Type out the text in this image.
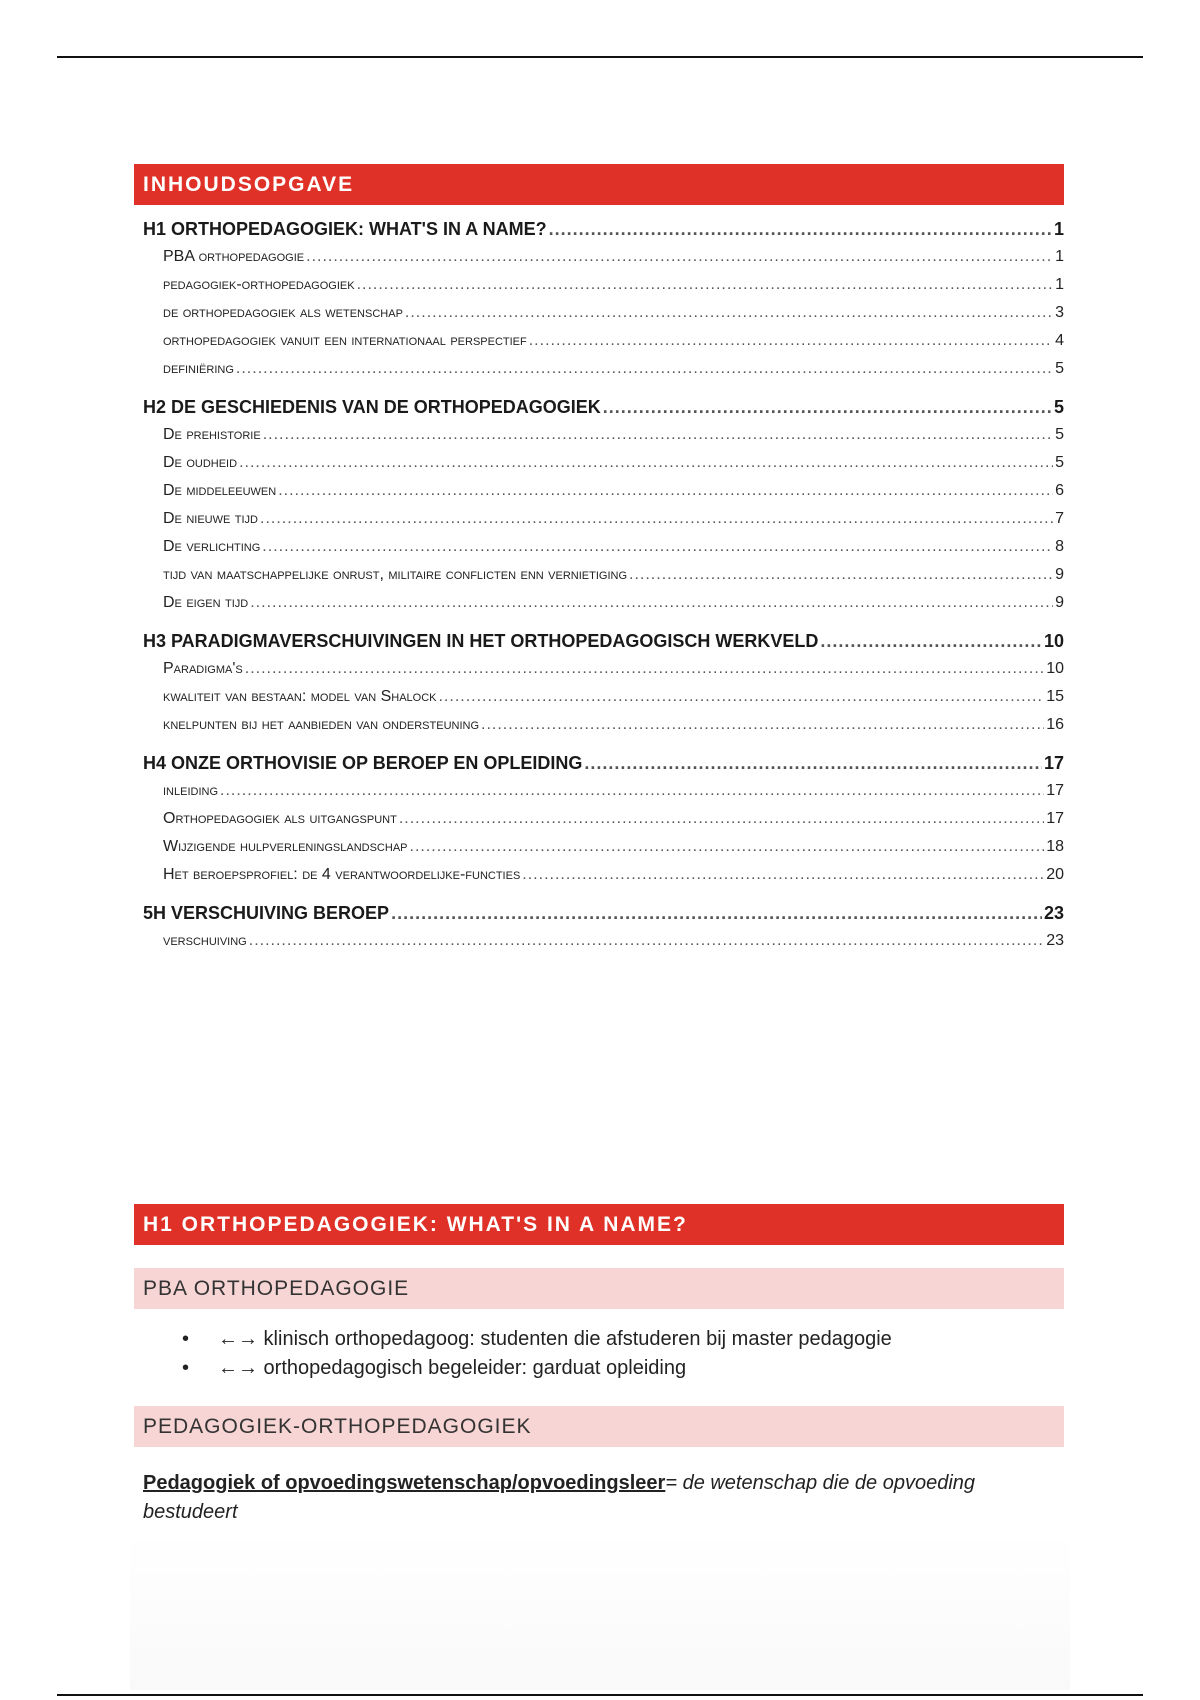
INHOUDSOPGAVE
H1 ORTHOPEDAGOGIEK: WHAT'S IN A NAME? .....	1
PBA orthopedagogie .....	1
pedagogiek-orthopedagogiek .....	1
de orthopedagogiek als wetenschap .....	3
orthopedagogiek vanuit een internationaal perspectief .....	4
definiëring .....	5
H2 DE GESCHIEDENIS VAN DE ORTHOPEDAGOGIEK .....	5
De prehistorie .....	5
De oudheid .....	5
De middeleeuwen .....	6
De nieuwe tijd .....	7
De verlichting .....	8
tijd van maatschappelijke onrust, militaire conflicten enn vernietiging .....	9
De eigen tijd .....	9
H3 PARADIGMAVERSCHUIVINGEN IN HET ORTHOPEDAGOGISCH WERKVELD .....	10
Paradigma's .....	10
kwaliteit van bestaan: model van Shalock .....	15
knelpunten bij het aanbieden van ondersteuning .....	16
H4 ONZE ORTHOVISIE OP BEROEP EN OPLEIDING .....	17
inleiding .....	17
Orthopedagogiek als uitgangspunt .....	17
Wijzigende hulpverleningslandschap .....	18
Het beroepsprofiel: de 4 verantwoordelijke-functies .....	20
5H VERSCHUIVING BEROEP .....	23
verschuiving .....	23
H1 ORTHOPEDAGOGIEK: WHAT'S IN A NAME?
PBA ORTHOPEDAGOGIE
• ←→ klinisch orthopedagoog: studenten die afstuderen bij master pedagogie
• ←→ orthopedagogisch begeleider: garduat opleiding
PEDAGOGIEK-ORTHOPEDAGOGIEK
Pedagogiek of opvoedingswetenschap/opvoedingsleer= de wetenschap die de opvoeding bestudeert
